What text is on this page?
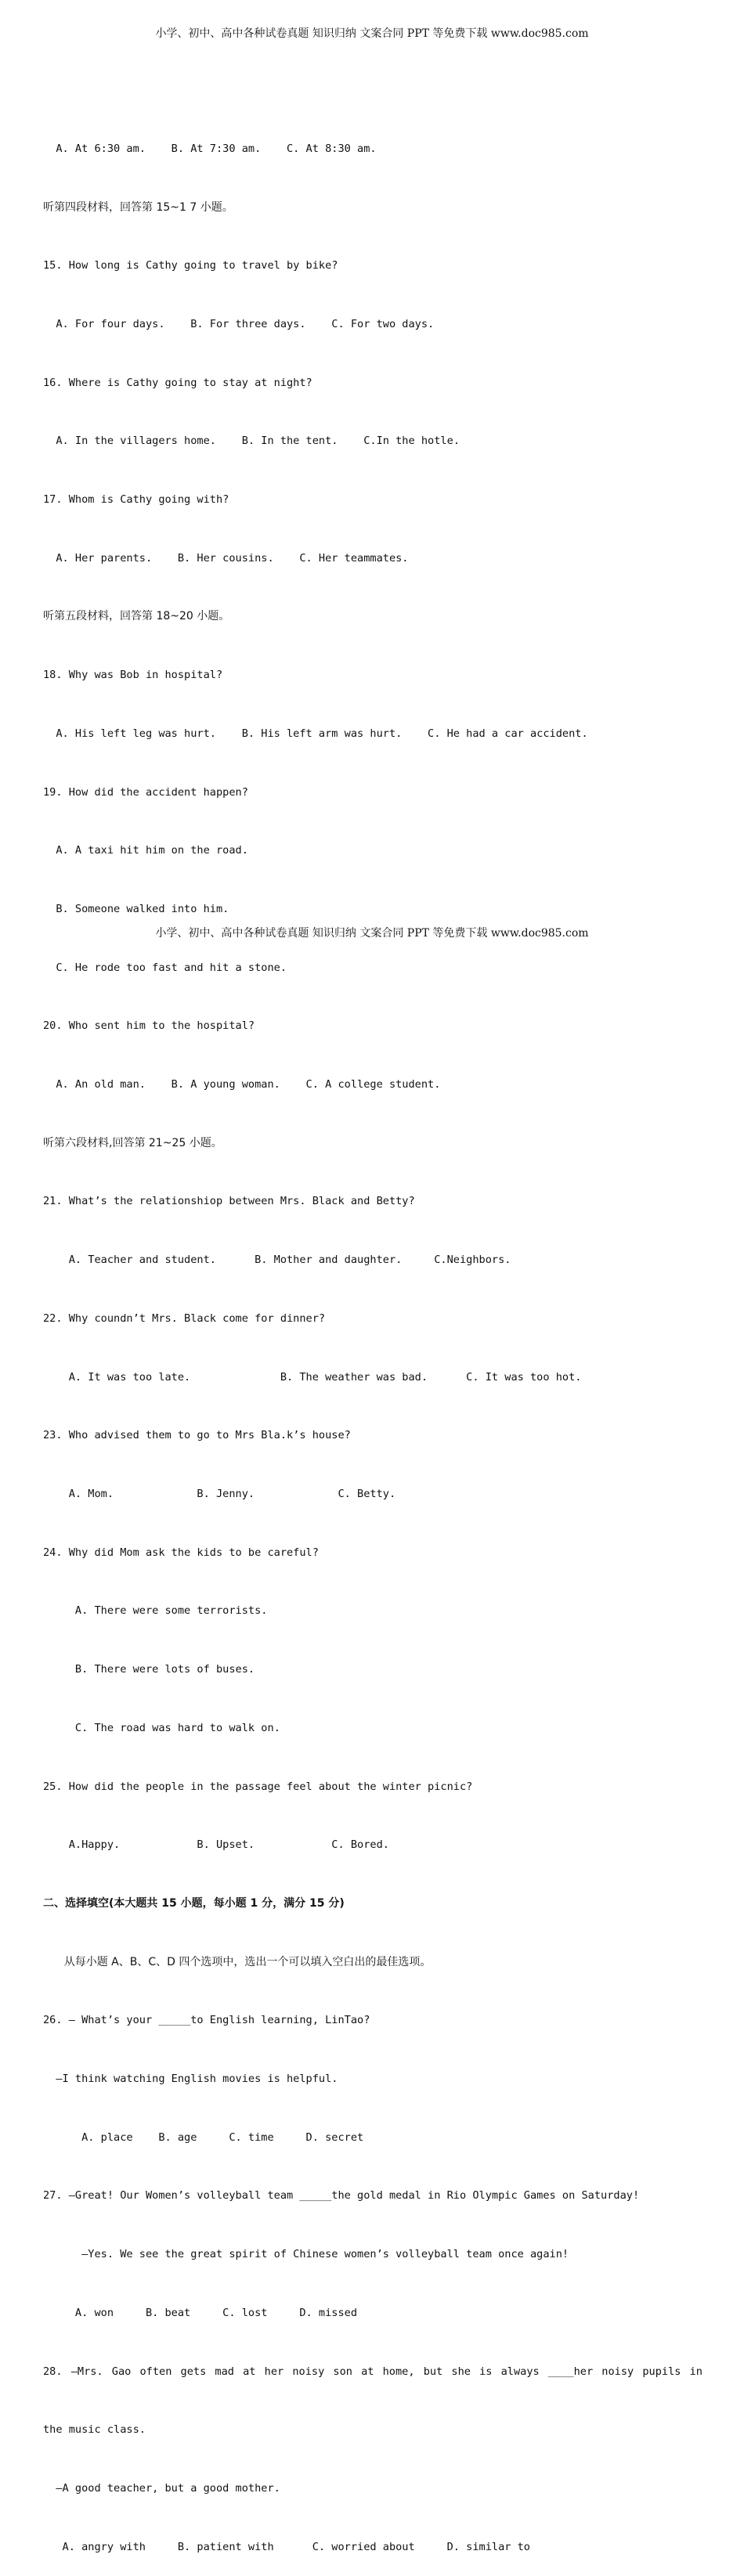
小学、初中、高中各种试卷真题 知识归纳 文案合同 PPT 等免费下载 www.doc985.com

A. At 6:30 am.    B. At 7:30 am.    C. At 8:30 am.

听第四段材料，回答第 15~1 7 小题。

15. How long is Cathy going to travel by bike?

A. For four days.    B. For three days.    C. For two days.

16. Where is Cathy going to stay at night?

A. In the villagers home.    B. In the tent.    C.In the hotle.

17. Whom is Cathy going with?

A. Her parents.    B. Her cousins.    C. Her teammates.

听第五段材料，回答第 18~20 小题。

18. Why was Bob in hospital?

A. His left leg was hurt.    B. His left arm was hurt.    C. He had a car accident.

19. How did the accident happen?

A. A taxi hit him on the road.

B. Someone walked into him.

C. He rode too fast and hit a stone.

20. Who sent him to the hospital?

A. An old man.    B. A young woman.    C. A college student.

听第六段材料,回答第 21~25 小题。

21. What’s the relationshiop between Mrs. Black and Betty?

A. Teacher and student.      B. Mother and daughter.     C.Neighbors.

22. Why coundn’t Mrs. Black come for dinner?

A. It was too late.              B. The weather was bad.      C. It was too hot.

23. Who advised them to go to Mrs Bla.k’s house?

A. Mom.             B. Jenny.             C. Betty.

24. Why did Mom ask the kids to be careful?

A. There were some terrorists.

B. There were lots of buses.

C. The road was hard to walk on.

25. How did the people in the passage feel about the winter picnic?

A.Happy.            B. Upset.            C. Bored.

二、选择填空(本大题共 15 小题，每小题 1 分，满分 15 分)

从每小题 A、B、C、D 四个选项中，选出一个可以填入空白出的最佳选项。

26. — What’s your _____to English learning, LinTao?

—I think watching English movies is helpful.

A. place    B. age     C. time     D. secret

27. —Great! Our Women’s volleyball team _____the gold medal in Rio Olympic Games on Saturday!

—Yes. We see the great spirit of Chinese women’s volleyball team once again!

A. won     B. beat     C. lost     D. missed

28. —Mrs. Gao often gets mad at her noisy son at home, but she is always ____her noisy pupils in

the music class.

—A good teacher, but a good mother.

A. angry with     B. patient with      C. worried about     D. similar to

小学、初中、高中各种试卷真题 知识归纳 文案合同 PPT 等免费下载 www.doc985.com
